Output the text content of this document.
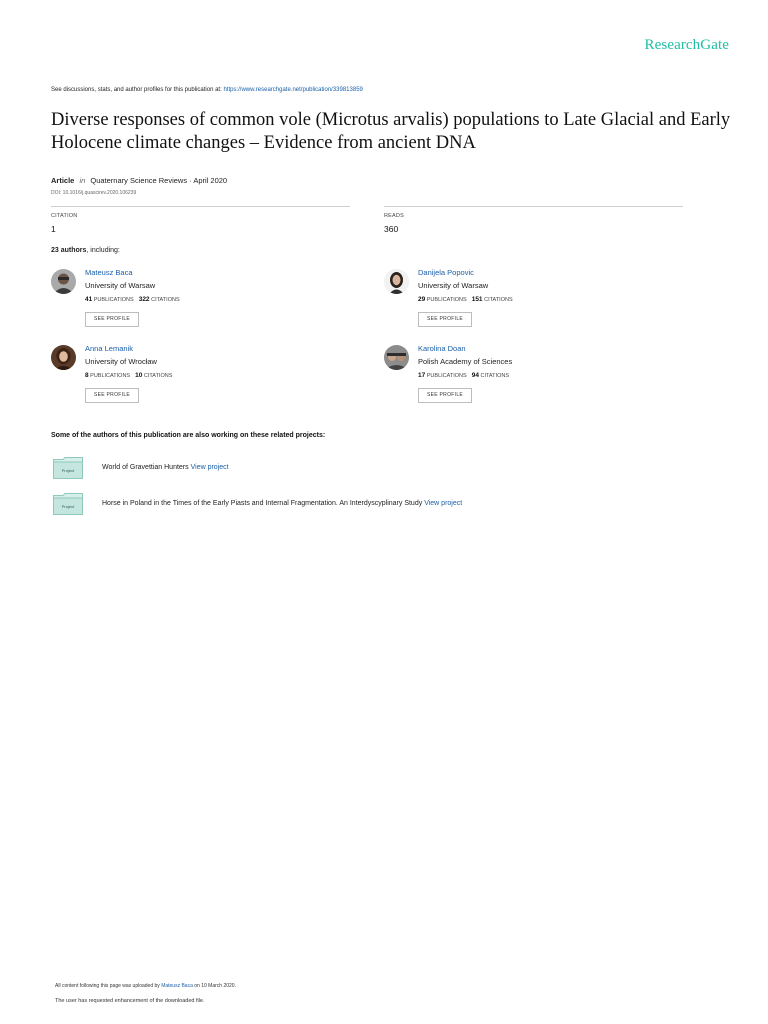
ResearchGate
See discussions, stats, and author profiles for this publication at: https://www.researchgate.net/publication/339813859
Diverse responses of common vole (Microtus arvalis) populations to Late Glacial and Early Holocene climate changes – Evidence from ancient DNA
Article in Quaternary Science Reviews · April 2020
DOI: 10.1016/j.quascirev.2020.106239
CITATION
1
READS
360
23 authors, including:
Mateusz Baca
University of Warsaw
41 PUBLICATIONS 322 CITATIONS
SEE PROFILE
Danijela Popovic
University of Warsaw
29 PUBLICATIONS 151 CITATIONS
SEE PROFILE
Anna Lemanik
University of Wrocław
8 PUBLICATIONS 10 CITATIONS
SEE PROFILE
Karolina Doan
Polish Academy of Sciences
17 PUBLICATIONS 94 CITATIONS
SEE PROFILE
Some of the authors of this publication are also working on these related projects:
Project	World of Gravettian Hunters View project
Project	Horse in Poland in the Times of the Early Piasts and Internal Fragmentation. An Interdyscyplinary Study View project
All content following this page was uploaded by Mateusz Baca on 10 March 2020.
The user has requested enhancement of the downloaded file.
